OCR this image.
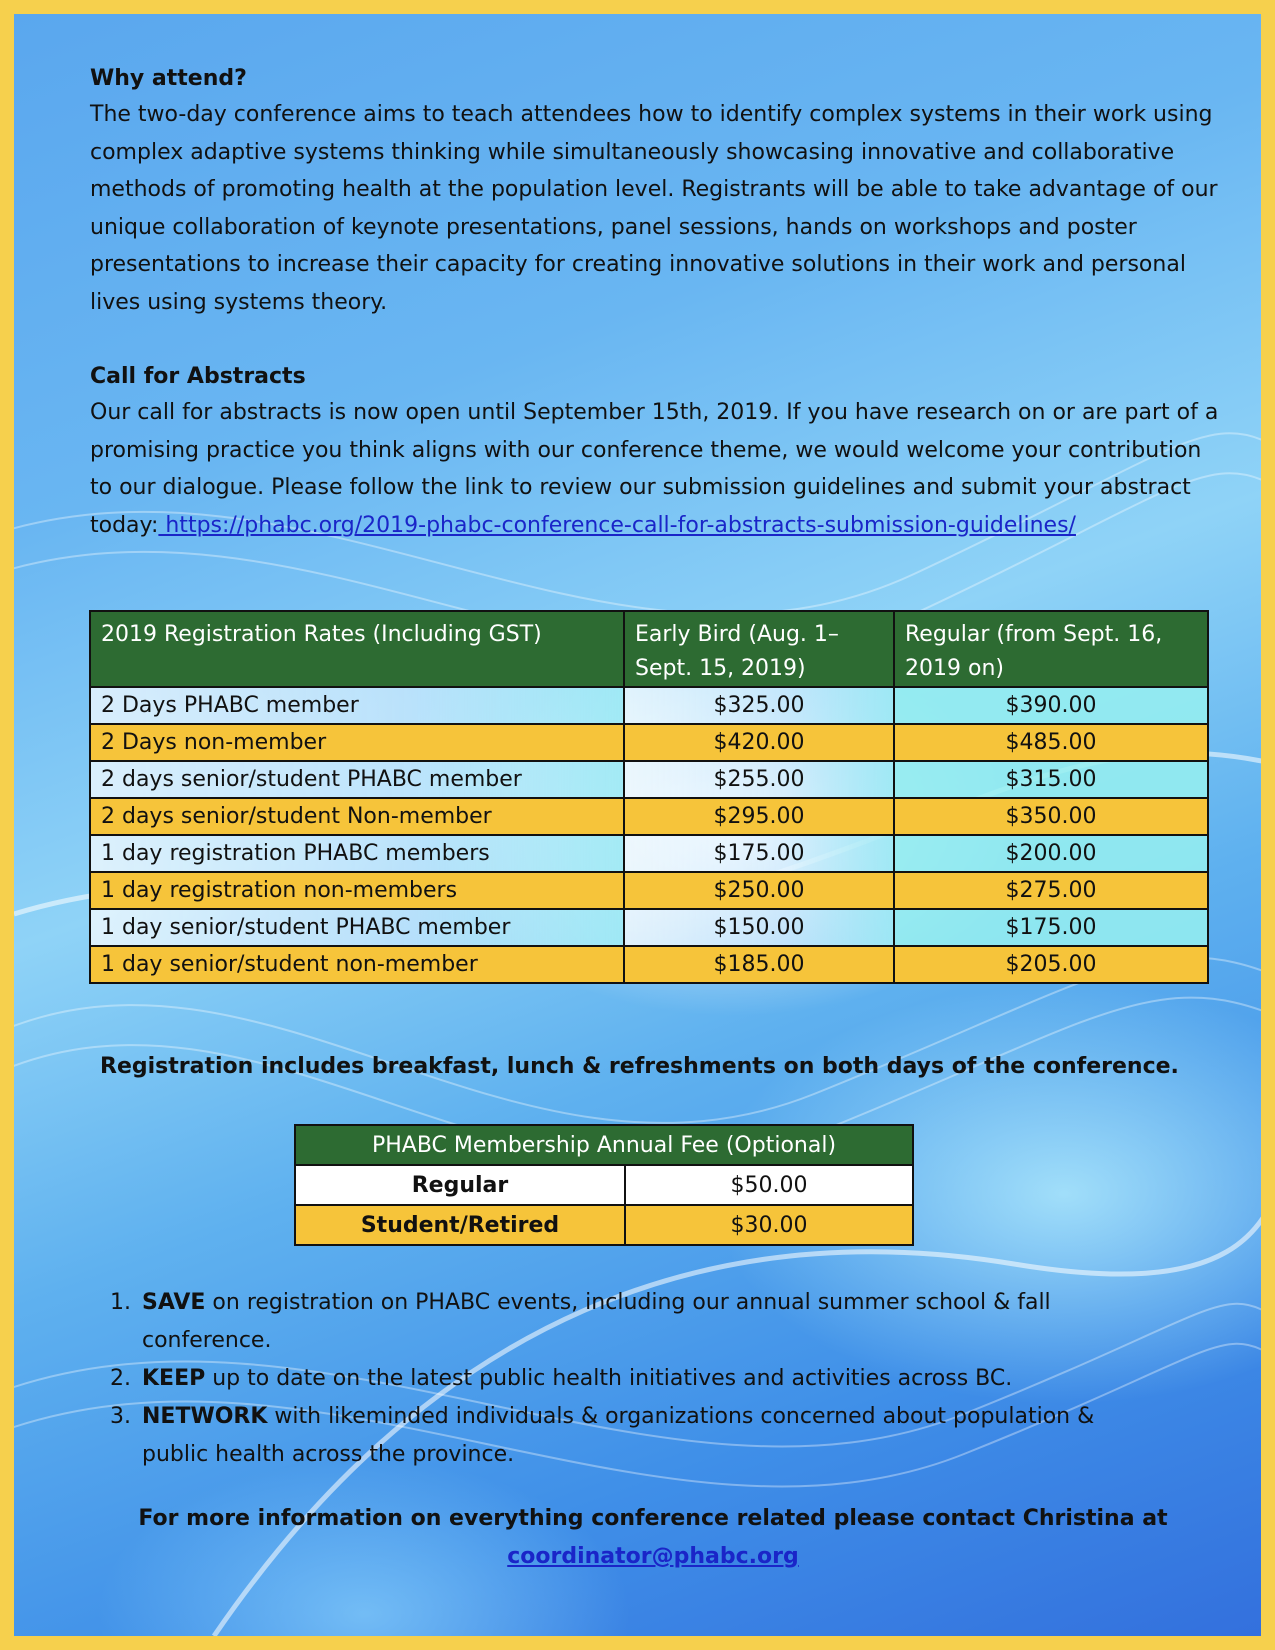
Why attend?

The two-day conference aims to teach attendees how to identify complex systems in their work using complex adaptive systems thinking while simultaneously showcasing innovative and collaborative methods of promoting health at the population level. Registrants will be able to take advantage of our unique collaboration of keynote presentations, panel sessions, hands on workshops and poster presentations to increase their capacity for creating innovative solutions in their work and personal lives using systems theory.

Call for Abstracts

Our call for abstracts is now open until September 15th, 2019. If you have research on or are part of a promising practice you think aligns with our conference theme, we would welcome your contribution to our dialogue. Please follow the link to review our submission guidelines and submit your abstract today: https://phabc.org/2019-phabc-conference-call-for-abstracts-submission-guidelines/

2019 Registration Rates (Including GST)	Early Bird (Aug. 1– Sept. 15, 2019)	Regular (from Sept. 16, 2019 on)
2 Days PHABC member	$325.00	$390.00
2 Days non-member	$420.00	$485.00
2 days senior/student PHABC member	$255.00	$315.00
2 days senior/student Non-member	$295.00	$350.00
1 day registration PHABC members	$175.00	$200.00
1 day registration non-members	$250.00	$275.00
1 day senior/student PHABC member	$150.00	$175.00
1 day senior/student non-member	$185.00	$205.00
Registration includes breakfast, lunch & refreshments on both days of the conference.
PHABC Membership Annual Fee (Optional)	
Regular	$50.00
Student/Retired	$30.00
1. SAVE on registration on PHABC events, including our annual summer school & fall conference.
2. KEEP up to date on the latest public health initiatives and activities across BC.
3. NETWORK with likeminded individuals & organizations concerned about population & public health across the province.
For more information on everything conference related please contact Christina at
coordinator@phabc.org
